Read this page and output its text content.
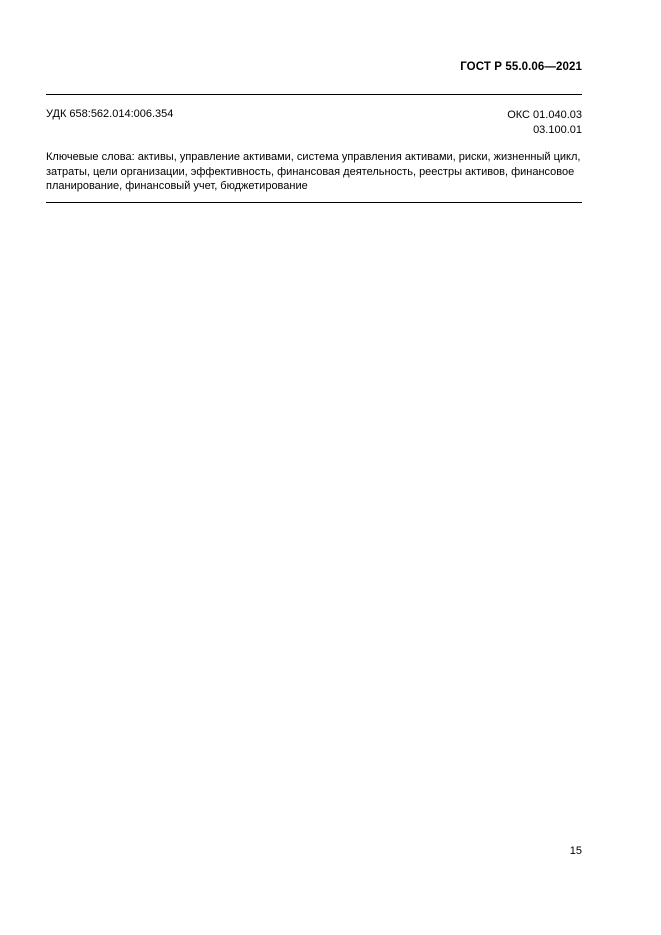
ГОСТ Р 55.0.06—2021
УДК 658:562.014:006.354	ОКС 01.040.03
03.100.01
Ключевые слова: активы, управление активами, система управления активами, риски, жизненный цикл, затраты, цели организации, эффективность, финансовая деятельность, реестры активов, финансовое планирование, финансовый учет, бюджетирование
15
